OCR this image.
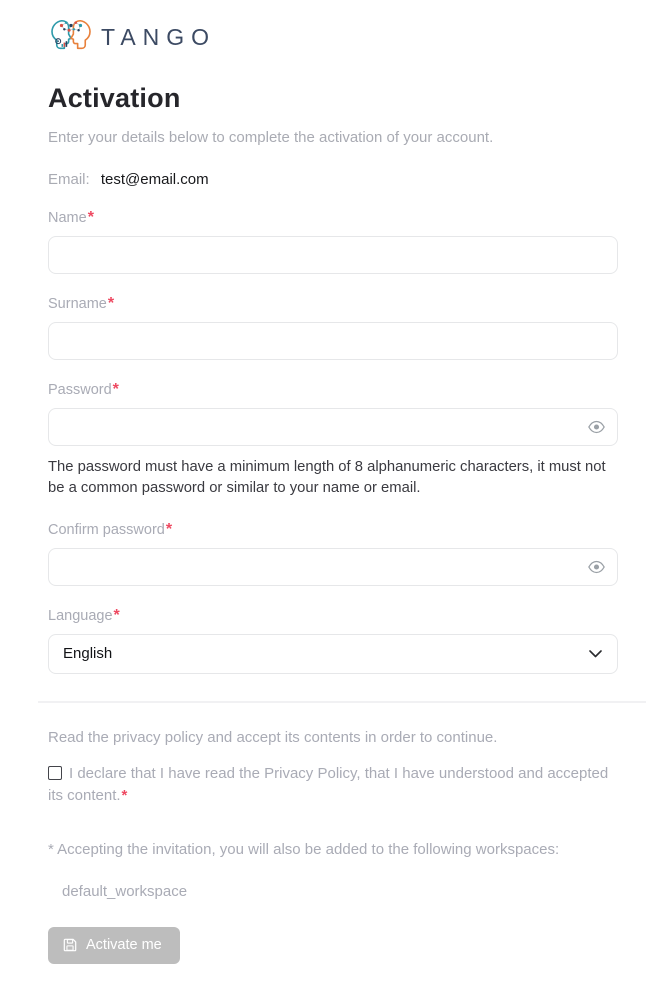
TANGO
Activation
Enter your details below to complete the activation of your account.
Email: test@email.com
Name*
Surname*
Password*
The password must have a minimum length of 8 alphanumeric characters, it must not be a common password or similar to your name or email.
Confirm password*
Language*
English
Read the privacy policy and accept its contents in order to continue.
I declare that I have read the Privacy Policy, that I have understood and accepted its content.*
* Accepting the invitation, you will also be added to the following workspaces:
default_workspace
Activate me
